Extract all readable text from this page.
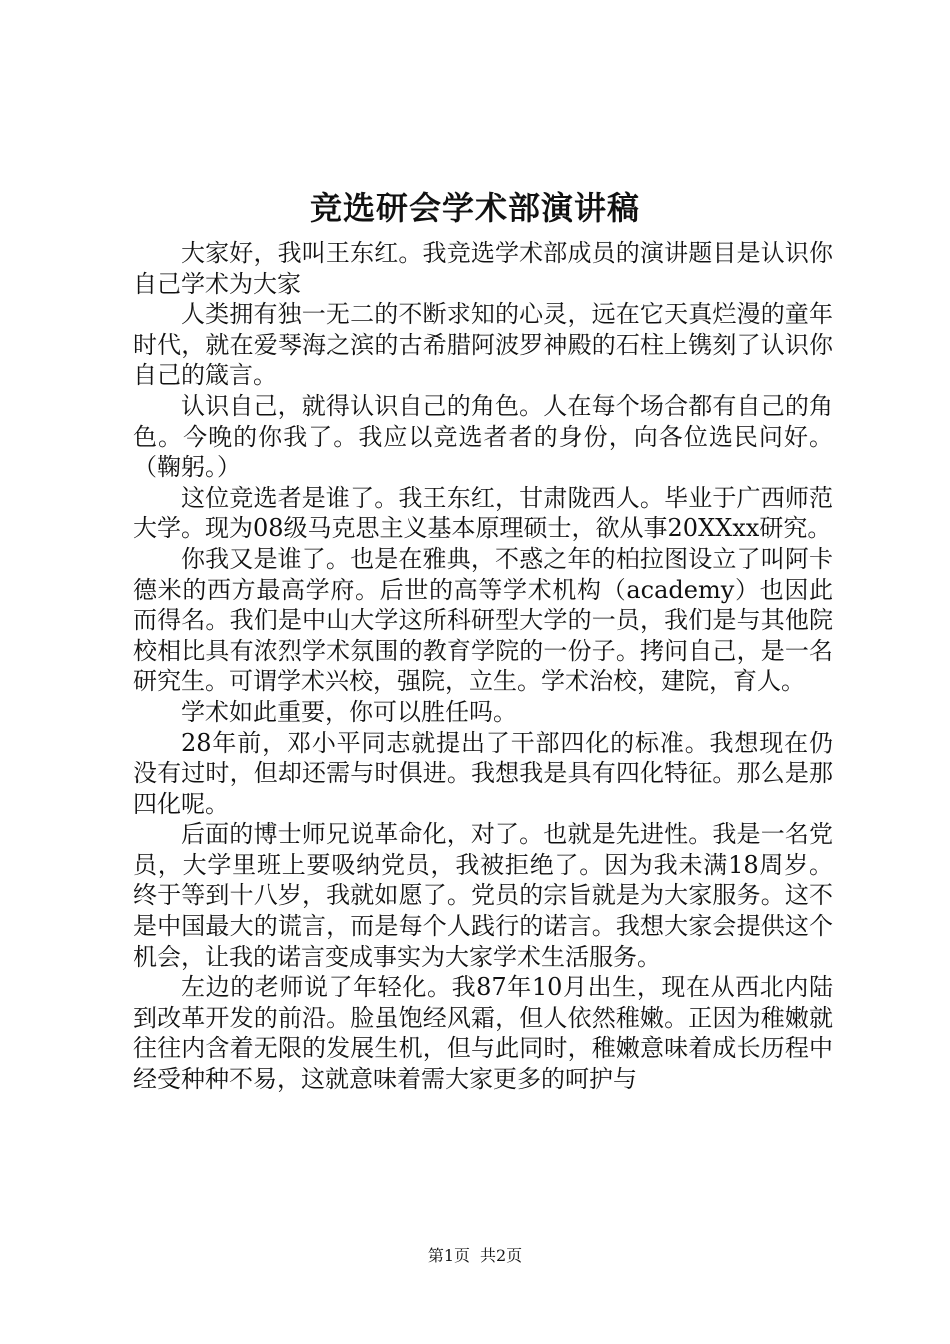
竞选研会学术部演讲稿

大家好，我叫王东红。我竞选学术部成员的演讲题目是认识你自己学术为大家

人类拥有独一无二的不断求知的心灵，远在它天真烂漫的童年时代，就在爱琴海之滨的古希腊阿波罗神殿的石柱上镌刻了认识你自己的箴言。

认识自己，就得认识自己的角色。人在每个场合都有自己的角色。今晚的你我了。我应以竞选者者的身份，向各位选民问好。（鞠躬。）

这位竞选者是谁了。我王东红，甘肃陇西人。毕业于广西师范大学。现为08级马克思主义基本原理硕士，欲从事20XXxx研究。

你我又是谁了。也是在雅典，不惑之年的柏拉图设立了叫阿卡德米的西方最高学府。后世的高等学术机构（academy）也因此而得名。我们是中山大学这所科研型大学的一员，我们是与其他院校相比具有浓烈学术氛围的教育学院的一份子。拷问自己，是一名研究生。可谓学术兴校，强院，立生。学术治校，建院，育人。

学术如此重要，你可以胜任吗。

28年前，邓小平同志就提出了干部四化的标准。我想现在仍没有过时，但却还需与时俱进。我想我是具有四化特征。那么是那四化呢。

后面的博士师兄说革命化，对了。也就是先进性。我是一名党员，大学里班上要吸纳党员，我被拒绝了。因为我未满18周岁。终于等到十八岁，我就如愿了。党员的宗旨就是为大家服务。这不是中国最大的谎言，而是每个人践行的诺言。我想大家会提供这个机会，让我的诺言变成事实为大家学术生活服务。

左边的老师说了年轻化。我87年10月出生，现在从西北内陆到改革开发的前沿。脸虽饱经风霜，但人依然稚嫩。正因为稚嫩就往往内含着无限的发展生机，但与此同时，稚嫩意味着成长历程中经受种种不易，这就意味着需大家更多的呵护与

第1页 共2页
